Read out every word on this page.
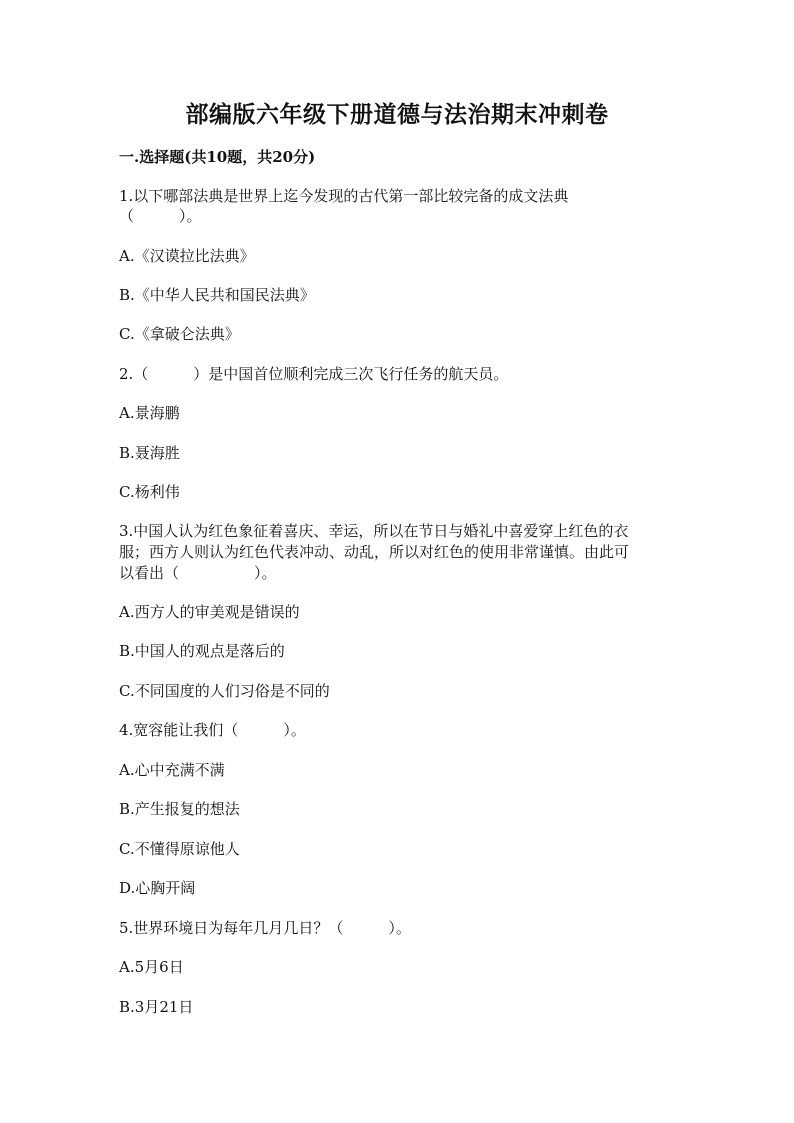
部编版六年级下册道德与法治期末冲刺卷
一.选择题(共10题，共20分)
1.以下哪部法典是世界上迄今发现的古代第一部比较完备的成文法典
（　　　）。
A.《汉谟拉比法典》
B.《中华人民共和国民法典》
C.《拿破仑法典》
2.（　　　）是中国首位顺利完成三次飞行任务的航天员。
A.景海鹏
B.聂海胜
C.杨利伟
3.中国人认为红色象征着喜庆、幸运，所以在节日与婚礼中喜爱穿上红色的衣
服；西方人则认为红色代表冲动、动乱，所以对红色的使用非常谨慎。由此可
以看出（　　　　　）。
A.西方人的审美观是错误的
B.中国人的观点是落后的
C.不同国度的人们习俗是不同的
4.宽容能让我们（　　　）。
A.心中充满不满
B.产生报复的想法
C.不懂得原谅他人
D.心胸开阔
5.世界环境日为每年几月几日？（　　　）。
A.5月6日
B.3月21日
